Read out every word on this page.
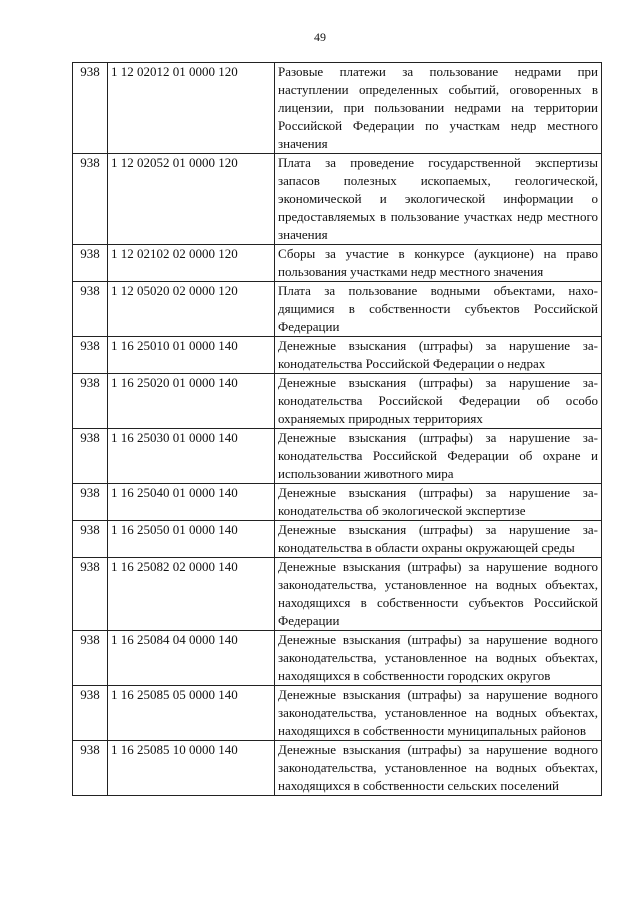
49
938	1 12 02012 01 0000 120	Разовые платежи за пользование недрами при наступлении определенных событий, оговоренных в лицензии, при пользовании недрами на территории Российской Федерации по участкам недр местного значения
938	1 12 02052 01 0000 120	Плата за проведение государственной экспертизы запасов полезных ископаемых, геологической, экономической и экологической информации о предоставляемых в пользование участках недр местного значения
938	1 12 02102 02 0000 120	Сборы за участие в конкурсе (аукционе) на право пользования участками недр местного значения
938	1 12 05020 02 0000 120	Плата за пользование водными объектами, находящимися в собственности субъектов Российской Федерации
938	1 16 25010 01 0000 140	Денежные взыскания (штрафы) за нарушение законодательства Российской Федерации о недрах
938	1 16 25020 01 0000 140	Денежные взыскания (штрафы) за нарушение законодательства Российской Федерации об особо охраняемых природных территориях
938	1 16 25030 01 0000 140	Денежные взыскания (штрафы) за нарушение законодательства Российской Федерации об охране и использовании животного мира
938	1 16 25040 01 0000 140	Денежные взыскания (штрафы) за нарушение законодательства об экологической экспертизе
938	1 16 25050 01 0000 140	Денежные взыскания (штрафы) за нарушение законодательства в области охраны окружающей среды
938	1 16 25082 02 0000 140	Денежные взыскания (штрафы) за нарушение водного законодательства, установленное на водных объектах, находящихся в собственности субъектов Российской Федерации
938	1 16 25084 04 0000 140	Денежные взыскания (штрафы) за нарушение водного законодательства, установленное на водных объектах, находящихся в собственности городских округов
938	1 16 25085 05 0000 140	Денежные взыскания (штрафы) за нарушение водного законодательства, установленное на водных объектах, находящихся в собственности муниципальных районов
938	1 16 25085 10 0000 140	Денежные взыскания (штрафы) за нарушение водного законодательства, установленное на водных объектах, находящихся в собственности сельских поселений
